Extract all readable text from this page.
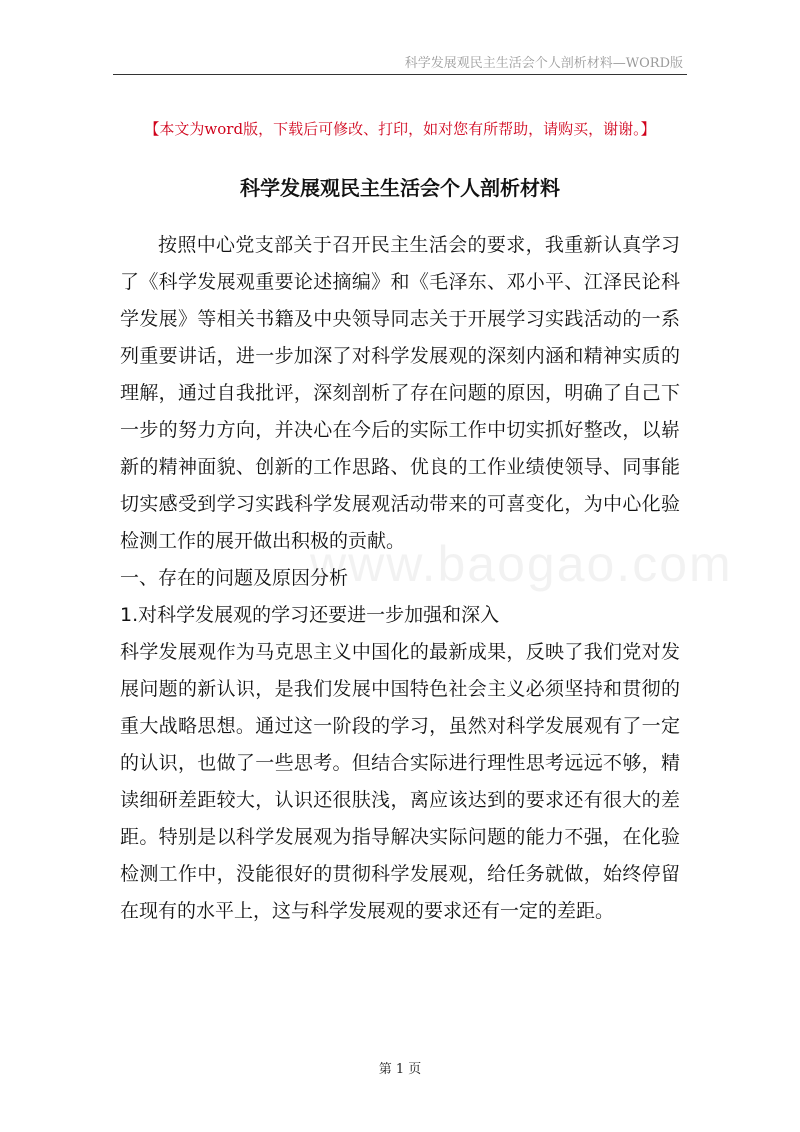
科学发展观民主生活会个人剖析材料—WORD版
【本文为word版，下载后可修改、打印，如对您有所帮助，请购买，谢谢。】
科学发展观民主生活会个人剖析材料
www.baogao.com

按照中心党支部关于召开民主生活会的要求，我重新认真学习了《科学发展观重要论述摘编》和《毛泽东、邓小平、江泽民论科学发展》等相关书籍及中央领导同志关于开展学习实践活动的一系列重要讲话，进一步加深了对科学发展观的深刻内涵和精神实质的理解，通过自我批评，深刻剖析了存在问题的原因，明确了自己下一步的努力方向，并决心在今后的实际工作中切实抓好整改，以崭新的精神面貌、创新的工作思路、优良的工作业绩使领导、同事能切实感受到学习实践科学发展观活动带来的可喜变化，为中心化验检测工作的展开做出积极的贡献。

一、存在的问题及原因分析

1.对科学发展观的学习还要进一步加强和深入

科学发展观作为马克思主义中国化的最新成果，反映了我们党对发展问题的新认识，是我们发展中国特色社会主义必须坚持和贯彻的重大战略思想。通过这一阶段的学习，虽然对科学发展观有了一定的认识，也做了一些思考。但结合实际进行理性思考远远不够，精读细研差距较大，认识还很肤浅，离应该达到的要求还有很大的差距。特别是以科学发展观为指导解决实际问题的能力不强，在化验检测工作中，没能很好的贯彻科学发展观，给任务就做，始终停留在现有的水平上，这与科学发展观的要求还有一定的差距。

第 1 页
